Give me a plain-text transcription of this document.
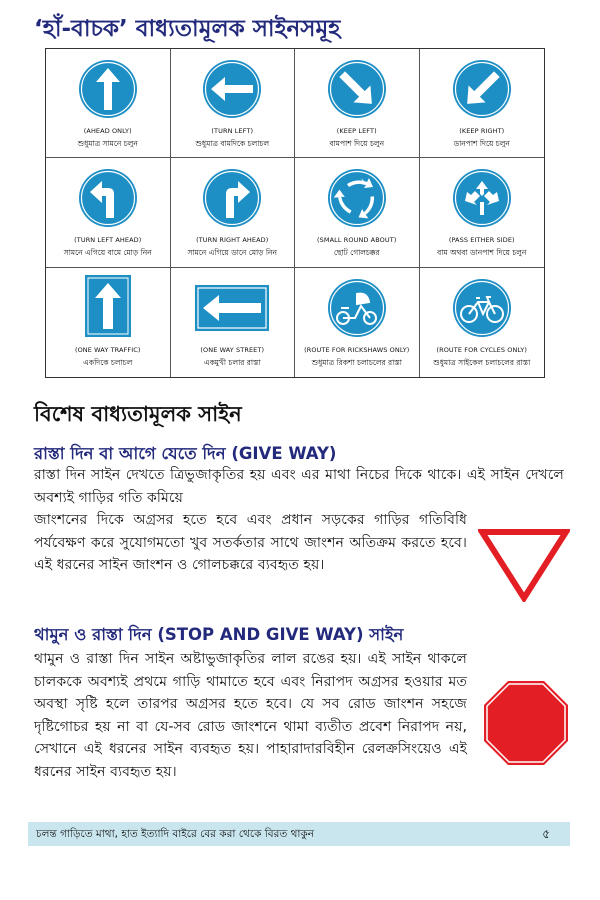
‘হাঁ-বাচক’ বাধ্যতামূলক সাইনসমূহ
(AHEAD ONLY)
শুধুমাত্র সামনে চলুন
(TURN LEFT)
শুধুমাত্র বামদিকে চলাচল
(KEEP LEFT)
বামপাশ দিয়ে চলুন
(KEEP RIGHT)
ডানপাশ দিয়ে চলুন
(TURN LEFT AHEAD)
সামনে এগিয়ে বামে মোড় নিন
(TURN RIGHT AHEAD)
সামনে এগিয়ে ডানে মোড় নিন
(SMALL ROUND ABOUT)
ছোট গোলচক্কর
(PASS EITHER SIDE)
বাম অথবা ডানপাশ দিয়ে চলুন
(ONE WAY TRAFFIC)
একদিকে চলাচল
(ONE WAY STREET)
একমুখী চলার রাস্তা
(ROUTE FOR RICKSHAWS ONLY)
শুধুমাত্র রিকশা চলাচলের রাস্তা
(ROUTE FOR CYCLES ONLY)
শুধুমাত্র সাইকেল চলাচলের রাস্তা
বিশেষ বাধ্যতামূলক সাইন
রাস্তা দিন বা আগে যেতে দিন (GIVE WAY)
রাস্তা দিন সাইন দেখতে ত্রিভুজাকৃতির হয় এবং এর মাথা নিচের দিকে থাকে। এই সাইন দেখলে অবশ্যই গাড়ির গতি কমিয়ে
জাংশনের দিকে অগ্রসর হতে হবে এবং প্রধান সড়কের গাড়ির গতিবিধি পর্যবেক্ষণ করে সুযোগমতো খুব সতর্কতার সাথে জাংশন অতিক্রম করতে হবে। এই ধরনের সাইন জাংশন ও গোলচক্করে ব্যবহৃত হয়।
থামুন ও রাস্তা দিন (STOP AND GIVE WAY) সাইন
থামুন ও রাস্তা দিন সাইন অষ্টাভুজাকৃতির লাল রঙের হয়। এই সাইন থাকলে চালককে অবশ্যই প্রথমে গাড়ি থামাতে হবে এবং নিরাপদ অগ্রসর হওয়ার মত অবস্থা সৃষ্টি হলে তারপর অগ্রসর হতে হবে। যে সব রোড জাংশন সহজে দৃষ্টিগোচর হয় না বা যে-সব রোড জাংশনে থামা ব্যতীত প্রবেশ নিরাপদ নয়, সেখানে এই ধরনের সাইন ব্যবহৃত হয়। পাহারাদারবিহীন রেলক্রসিংয়েও এই ধরনের সাইন ব্যবহৃত হয়।
চলন্ত গাড়িতে মাথা, হাত ইত্যাদি বাইরে বের করা থেকে বিরত থাকুন	৫
